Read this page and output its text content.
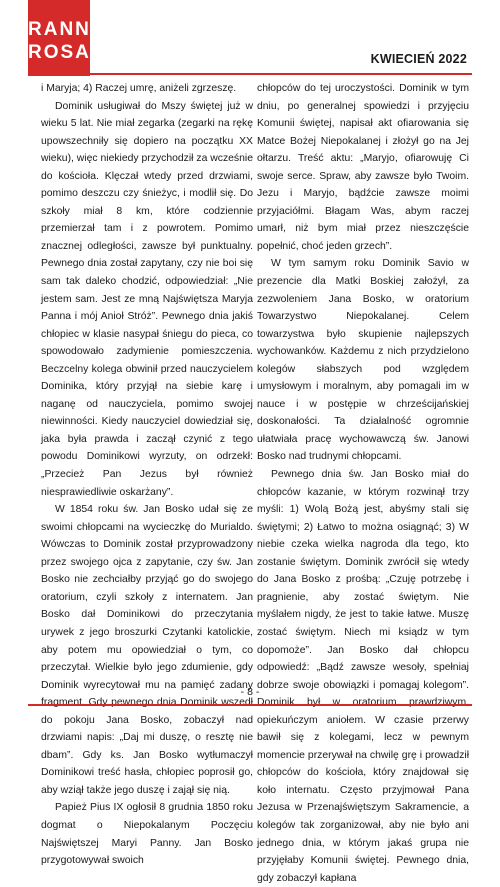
RANNA
ROSA	KWIECIEŃ 2022

i Maryja; 4) Raczej umrę, aniżeli zgrzeszę.

Dominik usługiwał do Mszy świętej już w wieku 5 lat. Nie miał zegarka (zegarki na rękę upowszechniły się dopiero na początku XX wieku), więc niekiedy przychodził za wcześnie do kościoła. Klęczał wtedy przed drzwiami, pomimo deszczu czy śnieżyc, i modlił się. Do szkoły miał 8 km, które codziennie przemierzał tam i z powrotem. Pomimo znacznej odległości, zawsze był punktualny. Pewnego dnia został zapytany, czy nie boi się sam tak daleko chodzić, odpowiedział: „Nie jestem sam. Jest ze mną Najświętsza Maryja Panna i mój Anioł Stróż”. Pewnego dnia jakiś chłopiec w klasie nasypał śniegu do pieca, co spowodowało zadymienie pomieszczenia. Beczcelny kolega obwinił przed nauczycielem Dominika, który przyjął na siebie karę i naganę od nauczyciela, pomimo swojej niewinności. Kiedy nauczyciel dowiedział się, jaka była prawda i zaczął czynić z tego powodu Dominikowi wyrzuty, on odrzekł: „Przecież Pan Jezus był również niesprawiedliwie oskarżany”.

W 1854 roku św. Jan Bosko udał się ze swoimi chłopcami na wycieczkę do Murialdo. Wówczas to Dominik został przyprowadzony przez swojego ojca z zapytanie, czy św. Jan Bosko nie zechciałby przyjąć go do swojego oratorium, czyli szkoły z internatem. Jan Bosko dał Dominikowi do przeczytania urywek z jego broszurki Czytanki katolickie, aby potem mu opowiedział o tym, co przeczytał. Wielkie było jego zdumienie, gdy Dominik wyrecytował mu na pamięć zadany fragment. Gdy pewnego dnia Dominik wszedł do pokoju Jana Bosko, zobaczył nad drzwiami napis: „Daj mi duszę, o resztę nie dbam”. Gdy ks. Jan Bosko wytłumaczył Dominikowi treść hasła, chłopiec poprosił go, aby wziął także jego duszę i zajął się nią.

Papież Pius IX ogłosił 8 grudnia 1850 roku dogmat o Niepokalanym Poczęciu Najświętszej Maryi Panny. Jan Bosko przygotowywał swoich

chłopców do tej uroczystości. Dominik w tym dniu, po generalnej spowiedzi i przyjęciu Komunii świętej, napisał akt ofiarowania się Matce Bożej Niepokalanej i złożył go na Jej ołtarzu. Treść aktu: „Maryjo, ofiarowuję Ci swoje serce. Spraw, aby zawsze było Twoim. Jezu i Maryjo, bądźcie zawsze moimi przyjaciółmi. Błagam Was, abym raczej umarł, niż bym miał przez nieszczęście popełnić, choć jeden grzech”.

W tym samym roku Dominik Savio w prezencie dla Matki Boskiej założył, za zezwoleniem Jana Bosko, w oratorium Towarzystwo Niepokalanej. Celem towarzystwa było skupienie najlepszych wychowanków. Każdemu z nich przydzielono kolegów słabszych pod względem umysłowym i moralnym, aby pomagali im w nauce i w postępie w chrześcijańskiej doskonałości. Ta działalność ogromnie ułatwiała pracę wychowawczą św. Janowi Bosko nad trudnymi chłopcami.

Pewnego dnia św. Jan Bosko miał do chłopców kazanie, w którym rozwinął trzy myśli: 1) Wolą Bożą jest, abyśmy stali się świętymi; 2) Łatwo to można osiągnąć; 3) W niebie czeka wielka nagroda dla tego, kto zostanie świętym. Dominik zwrócił się wtedy do Jana Bosko z prośbą: „Czuję potrzebę i pragnienie, aby zostać świętym. Nie myślałem nigdy, że jest to takie łatwe. Muszę zostać świętym. Niech mi ksiądz w tym dopomoże”. Jan Bosko dał chłopcu odpowiedź: „Bądź zawsze wesoły, spełniaj dobrze swoje obowiązki i pomagaj kolegom”. Dominik był w oratorium prawdziwym, opiekuńczym aniołem. W czasie przerwy bawił się z kolegami, lecz w pewnym momencie przerywał na chwilę grę i prowadził chłopców do kościoła, który znajdował się koło internatu. Często przyjmował Pana Jezusa w Przenajświętszym Sakramencie, a kolegów tak zorganizował, aby nie było ani jednego dnia, w którym jakaś grupa nie przyjęłaby Komunii świętej. Pewnego dnia, gdy zobaczył kapłana

- 8 -
